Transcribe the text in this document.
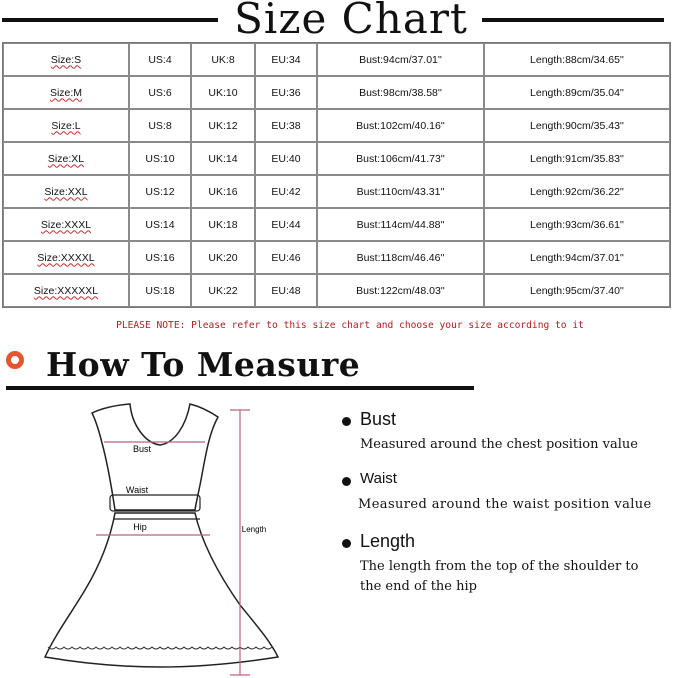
Size Chart
Size:S	US:4	UK:8	EU:34	Bust:94cm/37.01''	Length:88cm/34.65''
Size:M	US:6	UK:10	EU:36	Bust:98cm/38.58''	Length:89cm/35.04''
Size:L	US:8	UK:12	EU:38	Bust:102cm/40.16''	Length:90cm/35.43''
Size:XL	US:10	UK:14	EU:40	Bust:106cm/41.73''	Length:91cm/35.83''
Size:XXL	US:12	UK:16	EU:42	Bust:110cm/43.31''	Length:92cm/36.22''
Size:XXXL	US:14	UK:18	EU:44	Bust:114cm/44.88''	Length:93cm/36.61''
Size:XXXXL	US:16	UK:20	EU:46	Bust:118cm/46.46''	Length:94cm/37.01''
Size:XXXXXL	US:18	UK:22	EU:48	Bust:122cm/48.03''	Length:95cm/37.40''
PLEASE NOTE: Please refer to this size chart and choose your size according to it
How To Measure
Bust
Waist
Hip	Length
Bust
Measured around the chest position value
Waist
Measured around the waist position value
Length
The length from the top of the shoulder to the end of the hip
